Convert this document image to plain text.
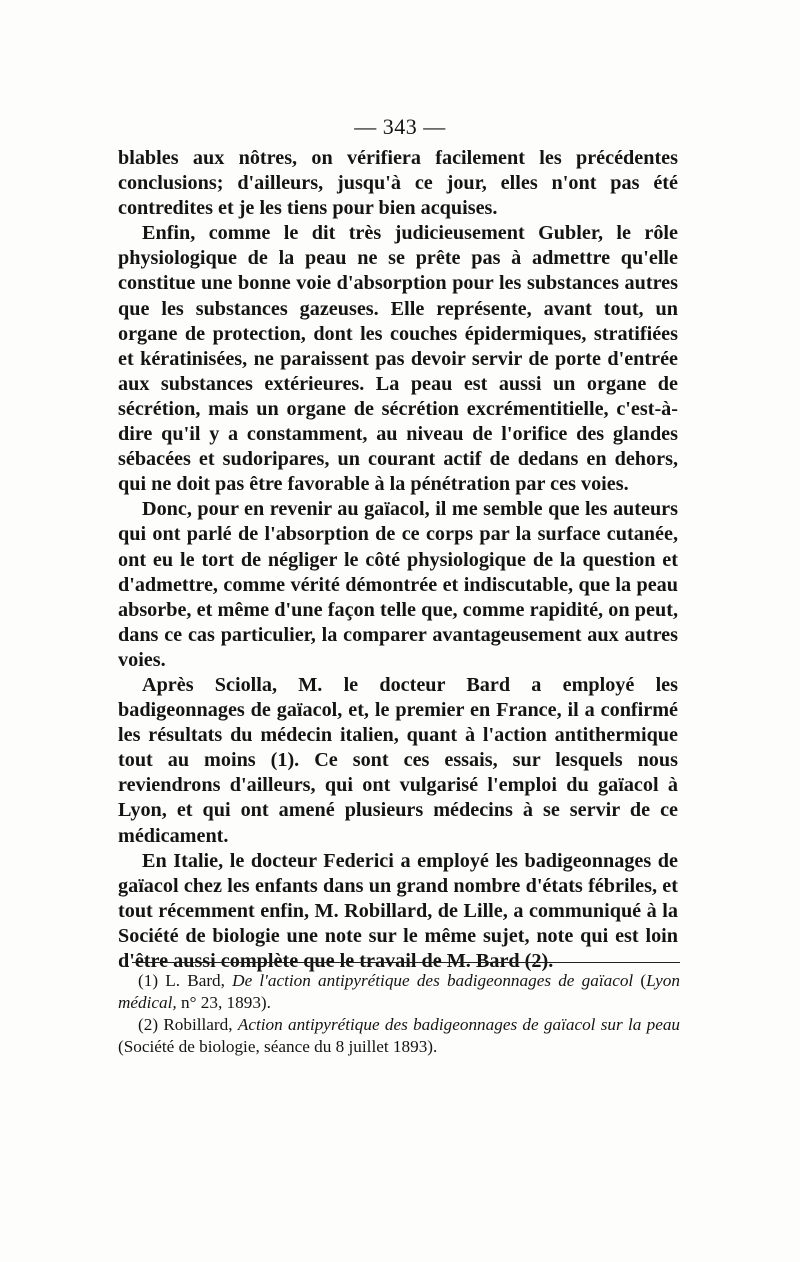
— 343 —

blables aux nôtres, on vérifiera facilement les précédentes conclusions; d'ailleurs, jusqu'à ce jour, elles n'ont pas été contredites et je les tiens pour bien acquises.

Enfin, comme le dit très judicieusement Gubler, le rôle physiologique de la peau ne se prête pas à admettre qu'elle constitue une bonne voie d'absorption pour les substances autres que les substances gazeuses. Elle représente, avant tout, un organe de protection, dont les couches épidermiques, stratifiées et kératinisées, ne paraissent pas devoir servir de porte d'entrée aux substances extérieures. La peau est aussi un organe de sécrétion, mais un organe de sécrétion excrémentitielle, c'est-à-dire qu'il y a constamment, au niveau de l'orifice des glandes sébacées et sudoripares, un courant actif de dedans en dehors, qui ne doit pas être favorable à la pénétration par ces voies.

Donc, pour en revenir au gaïacol, il me semble que les auteurs qui ont parlé de l'absorption de ce corps par la surface cutanée, ont eu le tort de négliger le côté physiologique de la question et d'admettre, comme vérité démontrée et indiscutable, que la peau absorbe, et même d'une façon telle que, comme rapidité, on peut, dans ce cas particulier, la comparer avantageusement aux autres voies.

Après Sciolla, M. le docteur Bard a employé les badigeonnages de gaïacol, et, le premier en France, il a confirmé les résultats du médecin italien, quant à l'action antithermique tout au moins (1). Ce sont ces essais, sur lesquels nous reviendrons d'ailleurs, qui ont vulgarisé l'emploi du gaïacol à Lyon, et qui ont amené plusieurs médecins à se servir de ce médicament.

En Italie, le docteur Federici a employé les badigeonnages de gaïacol chez les enfants dans un grand nombre d'états fébriles, et tout récemment enfin, M. Robillard, de Lille, a communiqué à la Société de biologie une note sur le même sujet, note qui est loin d'être aussi complète que le travail de M. Bard (2).

(1) L. Bard, De l'action antipyrétique des badigeonnages de gaïacol (Lyon médical, n° 23, 1893).

(2) Robillard, Action antipyrétique des badigeonnages de gaïacol sur la peau (Société de biologie, séance du 8 juillet 1893).
